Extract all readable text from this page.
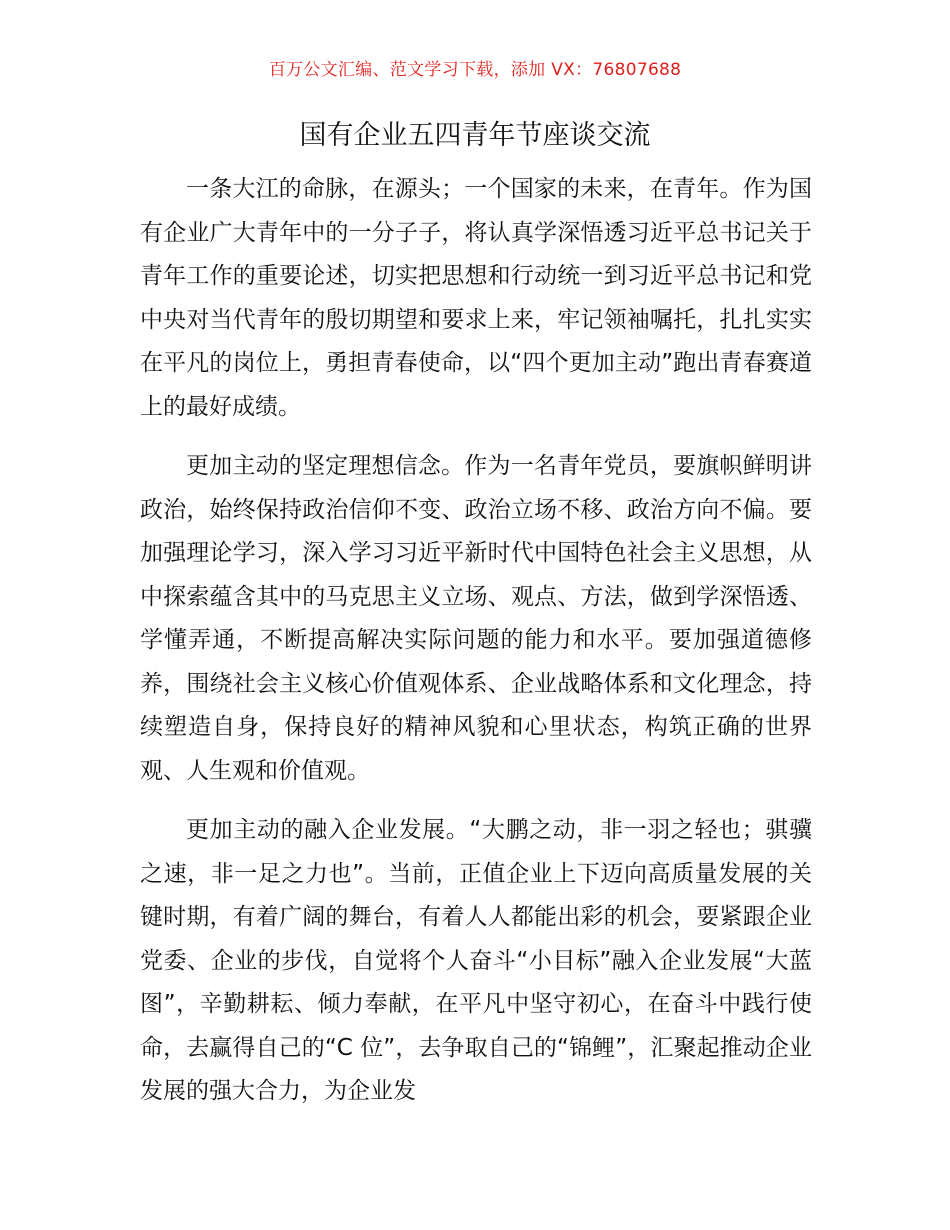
百万公文汇编、范文学习下载，添加 VX：76807688
国有企业五四青年节座谈交流

一条大江的命脉，在源头；一个国家的未来，在青年。作为国有企业广大青年中的一分子子，将认真学深悟透习近平总书记关于青年工作的重要论述，切实把思想和行动统一到习近平总书记和党中央对当代青年的殷切期望和要求上来，牢记领袖嘱托，扎扎实实在平凡的岗位上，勇担青春使命，以“四个更加主动”跑出青春赛道上的最好成绩。

更加主动的坚定理想信念。作为一名青年党员，要旗帜鲜明讲政治，始终保持政治信仰不变、政治立场不移、政治方向不偏。要加强理论学习，深入学习习近平新时代中国特色社会主义思想，从中探索蕴含其中的马克思主义立场、观点、方法，做到学深悟透、学懂弄通，不断提高解决实际问题的能力和水平。要加强道德修养，围绕社会主义核心价值观体系、企业战略体系和文化理念，持续塑造自身，保持良好的精神风貌和心里状态，构筑正确的世界观、人生观和价值观。

更加主动的融入企业发展。“大鹏之动，非一羽之轻也；骐骥之速，非一足之力也”。当前，正值企业上下迈向高质量发展的关键时期，有着广阔的舞台，有着人人都能出彩的机会，要紧跟企业党委、企业的步伐，自觉将个人奋斗“小目标”融入企业发展“大蓝图”，辛勤耕耘、倾力奉献，在平凡中坚守初心，在奋斗中践行使命，去赢得自己的“C 位”，去争取自己的“锦鲤”，汇聚起推动企业发展的强大合力，为企业发
